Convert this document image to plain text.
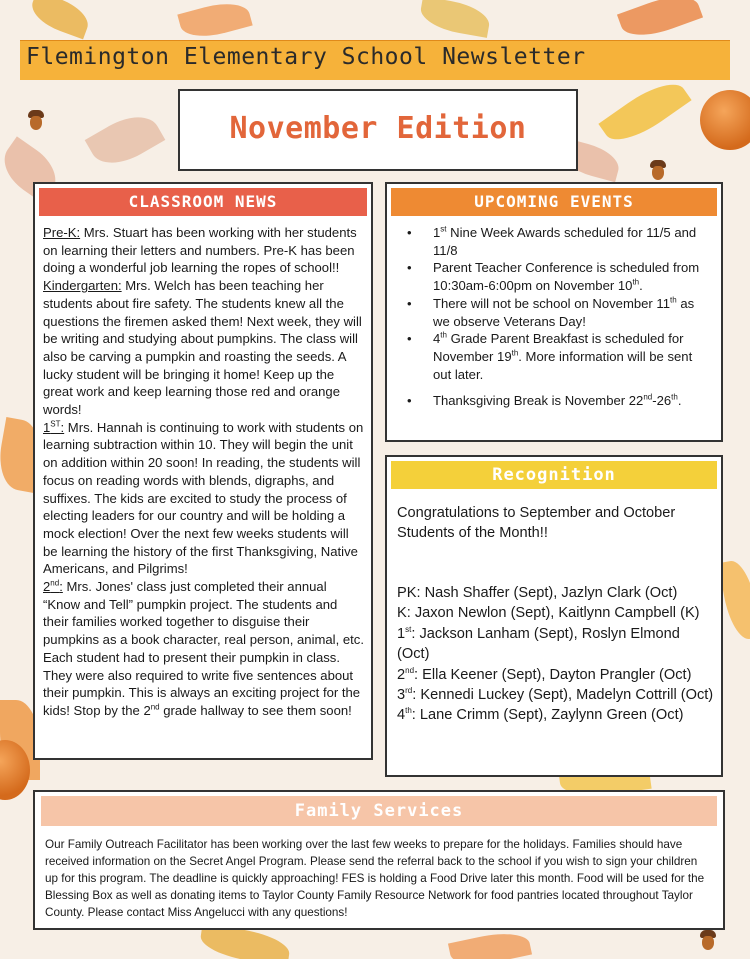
Flemington Elementary School Newsletter
November Edition
CLASSROOM NEWS

Pre-K: Mrs. Stuart has been working with her students on learning their letters and numbers. Pre-K has been doing a wonderful job learning the ropes of school!!

Kindergarten: Mrs. Welch has been teaching her students about fire safety. The students knew all the questions the firemen asked them! Next week, they will be writing and studying about pumpkins. The class will also be carving a pumpkin and roasting the seeds. A lucky student will be bringing it home! Keep up the great work and keep learning those red and orange words!

1ST: Mrs. Hannah is continuing to work with students on learning subtraction within 10. They will begin the unit on addition within 20 soon! In reading, the students will focus on reading words with blends, digraphs, and suffixes. The kids are excited to study the process of electing leaders for our country and will be holding a mock election! Over the next few weeks students will be learning the history of the first Thanksgiving, Native Americans, and Pilgrims!

2nd: Mrs. Jones' class just completed their annual “Know and Tell” pumpkin project. The students and their families worked together to disguise their pumpkins as a book character, real person, animal, etc. Each student had to present their pumpkin in class. They were also required to write five sentences about their pumpkin. This is always an exciting project for the kids! Stop by the 2nd grade hallway to see them soon!

UPCOMING EVENTS
• 1st Nine Week Awards scheduled for 11/5 and 11/8
• Parent Teacher Conference is scheduled from 10:30am-6:00pm on November 10th.
• There will not be school on November 11th as we observe Veterans Day!
• 4th Grade Parent Breakfast is scheduled for November 19th. More information will be sent out later.
• Thanksgiving Break is November 22nd-26th.
Recognition
Congratulations to September and October Students of the Month!!
PK: Nash Shaffer (Sept), Jazlyn Clark (Oct)
K: Jaxon Newlon (Sept), Kaitlynn Campbell (K)
1st: Jackson Lanham (Sept), Roslyn Elmond (Oct)
2nd: Ella Keener (Sept), Dayton Prangler (Oct)
3rd: Kennedi Luckey (Sept), Madelyn Cottrill (Oct)
4th: Lane Crimm (Sept), Zaylynn Green (Oct)
Family Services
Our Family Outreach Facilitator has been working over the last few weeks to prepare for the holidays. Families should have received information on the Secret Angel Program. Please send the referral back to the school if you wish to sign your children up for this program. The deadline is quickly approaching! FES is holding a Food Drive later this month. Food will be used for the Blessing Box as well as donating items to Taylor County Family Resource Network for food pantries located throughout Taylor County. Please contact Miss Angelucci with any questions!
